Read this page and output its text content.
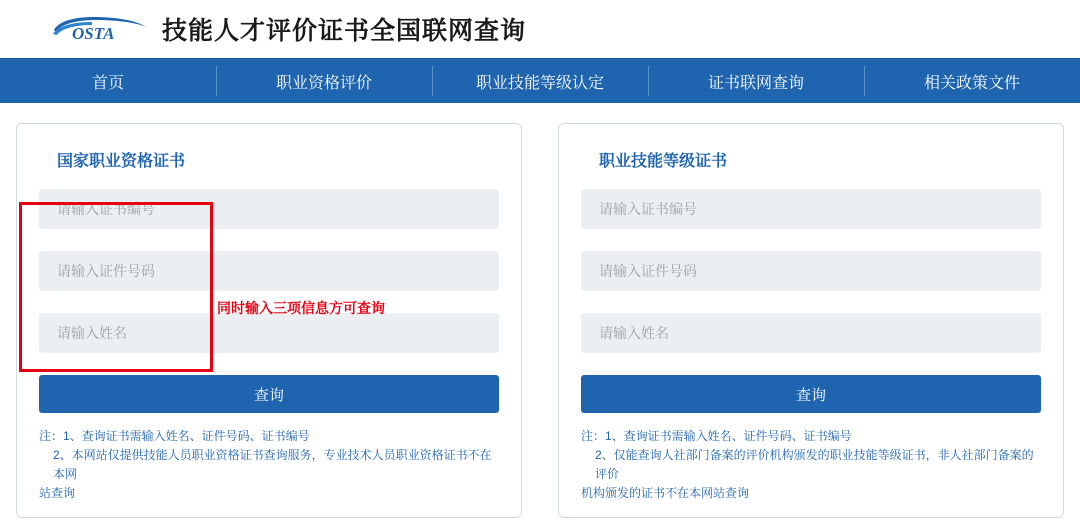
OSTA 技能人才评价证书全国联网查询
首页	职业资格评价	职业技能等级认定	证书联网查询	相关政策文件
国家职业资格证书
请输入证书编号
请输入证件号码
请输入姓名
查询
注：1、查询证书需输入姓名、证件号码、证书编号
2、本网站仅提供技能人员职业资格证书查询服务，专业技术人员职业资格证书不在本网
站查询
同时输入三项信息方可查询
职业技能等级证书
请输入证书编号
请输入证件号码
请输入姓名
查询
注：1、查询证书需输入姓名、证件号码、证书编号
2、仅能查询人社部门备案的评价机构颁发的职业技能等级证书，非人社部门备案的评价
机构颁发的证书不在本网站查询
